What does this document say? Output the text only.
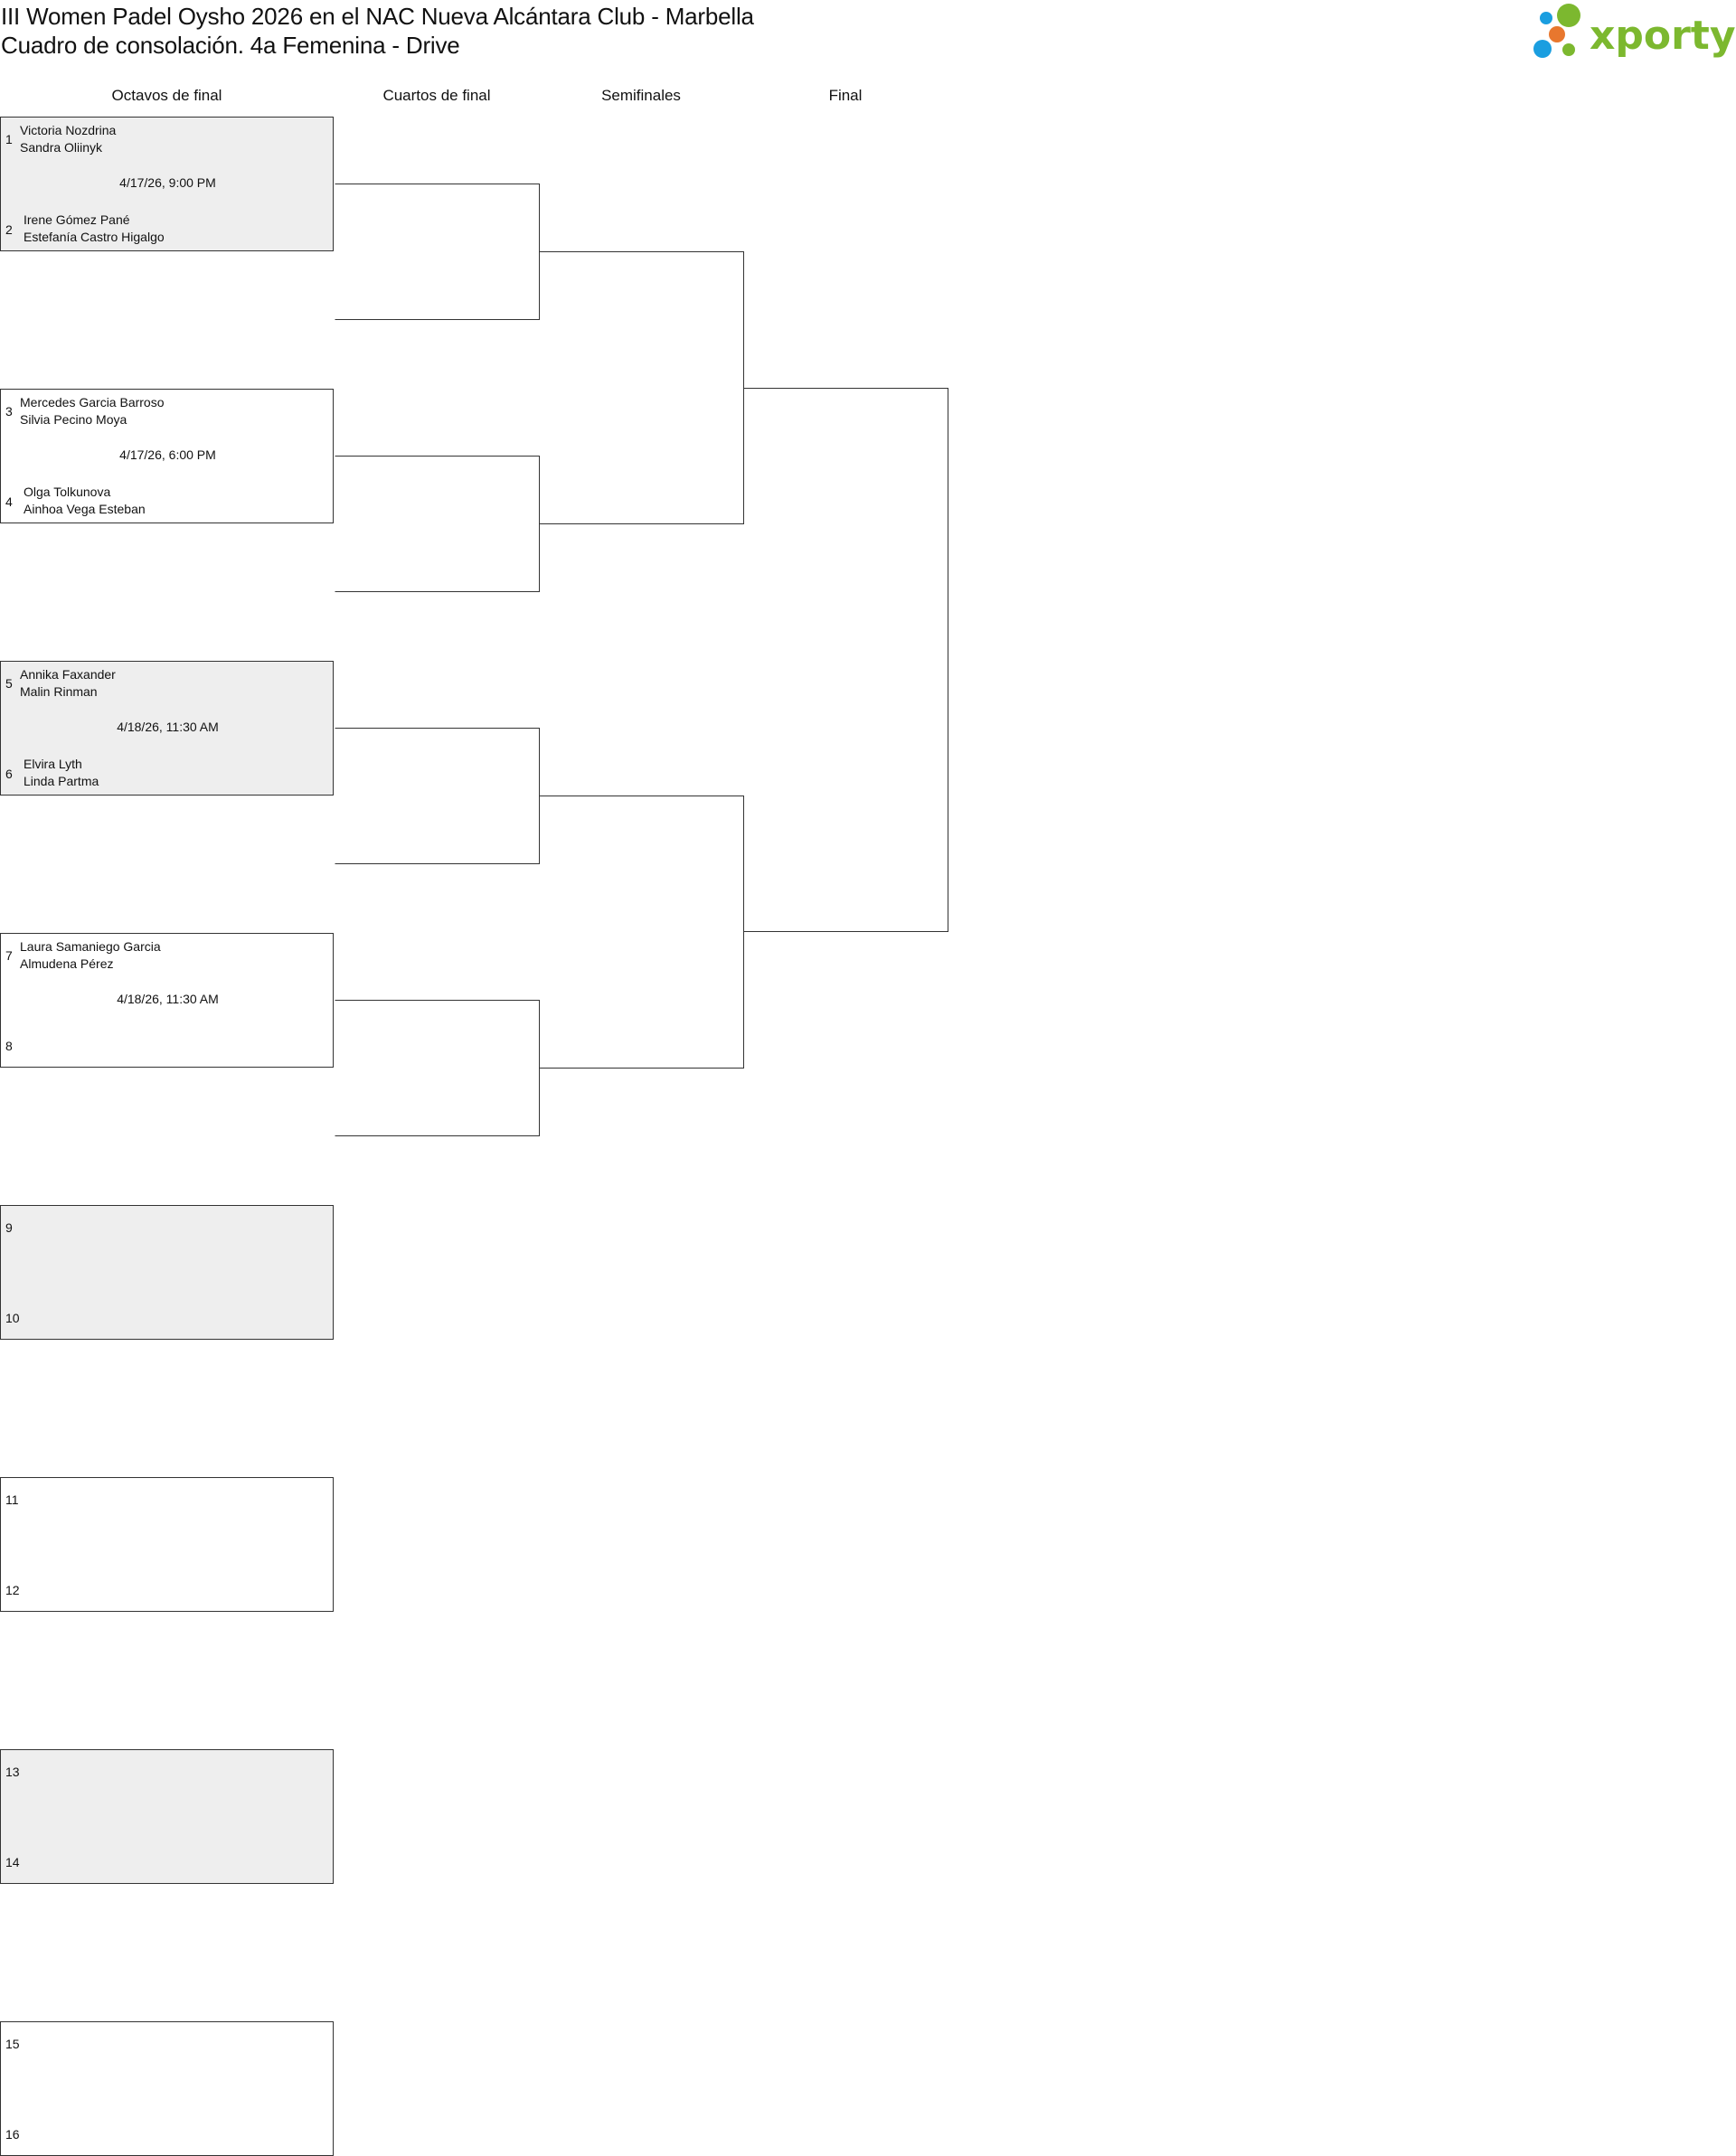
III Women Padel Oysho 2026 en el NAC Nueva Alcántara Club - Marbella
Cuadro de consolación. 4a Femenina - Drive	xporty
Octavos de final	Cuartos de final	Semifinales	Final
1
Victoria Nozdrina
Sandra Oliinyk
4/17/26, 9:00 PM
2
Irene Gómez Pané
Estefanía Castro Higalgo
3
Mercedes Garcia Barroso
Silvia Pecino Moya
4/17/26, 6:00 PM
4
Olga Tolkunova
Ainhoa Vega Esteban
5
Annika Faxander
Malin Rinman
4/18/26, 11:30 AM
6
Elvira Lyth
Linda Partma
7
Laura Samaniego Garcia
Almudena Pérez
4/18/26, 11:30 AM
8
9
10
11
12
13
14
15
16
